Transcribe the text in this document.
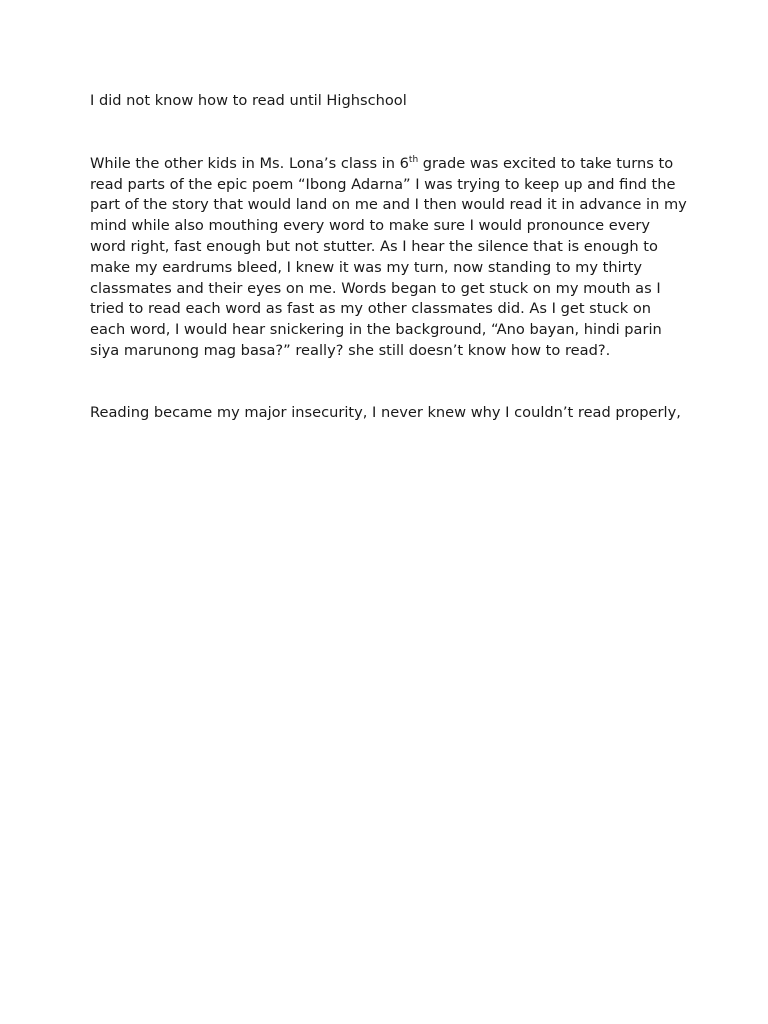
I did not know how to read until Highschool

While the other kids in Ms. Lona’s class in 6th grade was excited to take turns to read parts of the epic poem “Ibong Adarna” I was trying to keep up and find the part of the story that would land on me and I then would read it in advance in my mind while also mouthing every word to make sure I would pronounce every word right, fast enough but not stutter. As I hear the silence that is enough to make my eardrums bleed, I knew it was my turn, now standing to my thirty classmates and their eyes on me. Words began to get stuck on my mouth as I tried to read each word as fast as my other classmates did. As I get stuck on each word, I would hear snickering in the background, “Ano bayan, hindi parin siya marunong mag basa?” really? she still doesn’t know how to read?.

Reading became my major insecurity, I never knew why I couldn’t read properly,
